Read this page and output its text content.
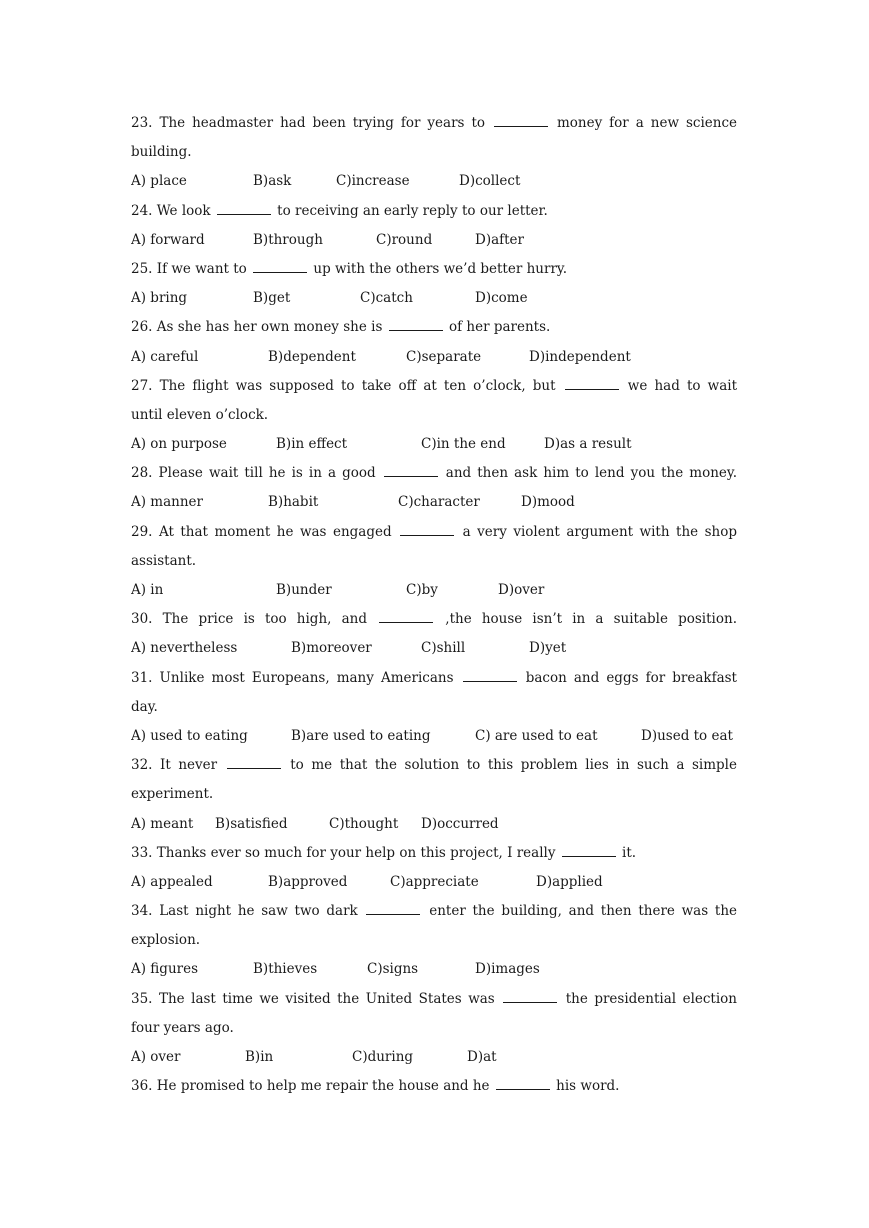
23. The headmaster had been trying for years to	money for a new science
building.
A) place	B)ask	C)increase	D)collect
24. We look	to receiving an early reply to our letter.
A) forward	B)through	C)round	D)after
25. If we want to	up with the others we’d better hurry.
A) bring	B)get	C)catch	D)come
26. As she has her own money she is	of her parents.
A) careful	B)dependent	C)separate	D)independent
27. The flight was supposed to take off at ten o’clock, but	we had to wait
until eleven o’clock.
A) on purpose	B)in effect	C)in the end	D)as a result
28. Please wait till he is in a good	and then ask him to lend you the money.
A) manner	B)habit	C)character	D)mood
29. At that moment he was engaged	a very violent argument with the shop
assistant.
A) in	B)under	C)by	D)over
30. The price is too high, and	,the house isn’t in a suitable position.
A) nevertheless	B)moreover	C)shill	D)yet
31. Unlike most Europeans, many Americans	bacon and eggs for breakfast
day.
A) used to eating	B)are used to eating	C) are used to eat	D)used to eat
32. It never	to me that the solution to this problem lies in such a simple
experiment.
A) meant B)satisfied	C)thought D)occurred
33. Thanks ever so much for your help on this project, I really	it.
A) appealed	B)approved	C)appreciate	D)applied
34. Last night he saw two dark	enter the building, and then there was the
explosion.
A) figures	B)thieves	C)signs	D)images
35. The last time we visited the United States was	the presidential election
four years ago.
A) over	B)in	C)during	D)at
36. He promised to help me repair the house and he	his word.
